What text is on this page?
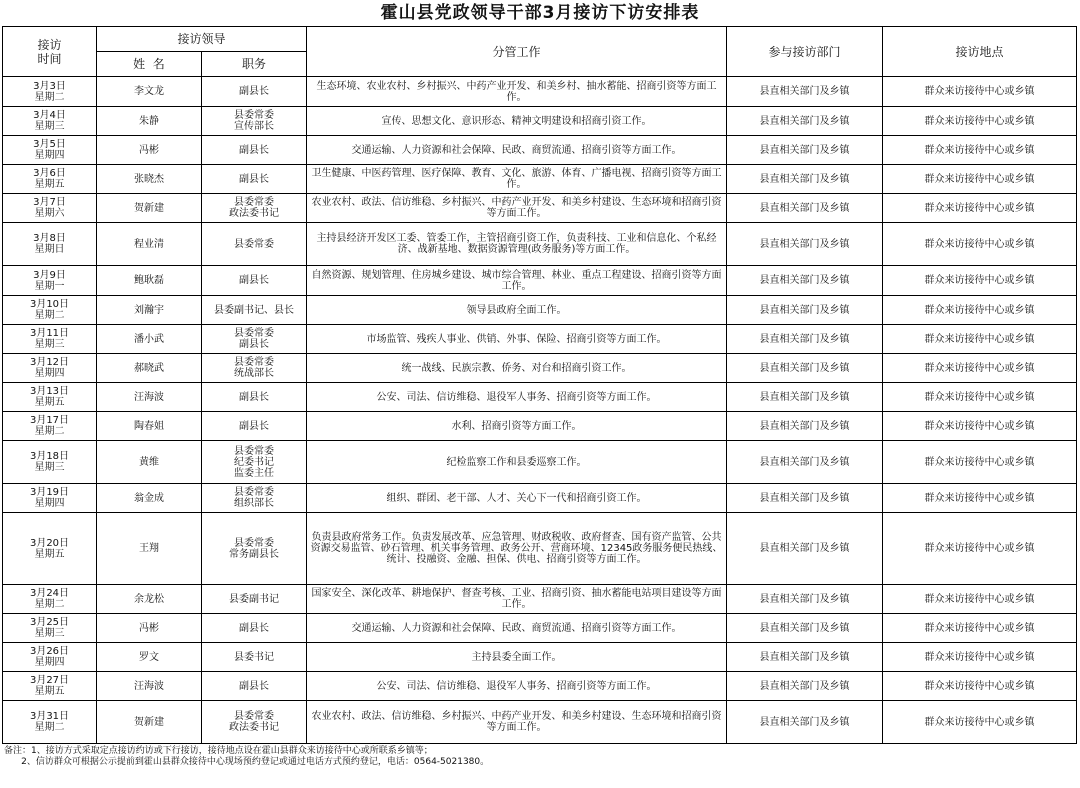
霍山县党政领导干部3月接访下访安排表
接访
时间	接访领导		分管工作	参与接访部门	接访地点
	姓  名	职务			
3月3日
星期二	李文龙	副县长	生态环境、农业农村、乡村振兴、中药产业开发、和美乡村、抽水蓄能、招商引资等方面工作。	县直相关部门及乡镇	群众来访接待中心或乡镇
3月4日
星期三	朱静	县委常委
宣传部长	宣传、思想文化、意识形态、精神文明建设和招商引资工作。	县直相关部门及乡镇	群众来访接待中心或乡镇
3月5日
星期四	冯彬	副县长	交通运输、人力资源和社会保障、民政、商贸流通、招商引资等方面工作。	县直相关部门及乡镇	群众来访接待中心或乡镇
3月6日
星期五	张晓杰	副县长	卫生健康、中医药管理、医疗保障、教育、文化、旅游、体育、广播电视、招商引资等方面工作。	县直相关部门及乡镇	群众来访接待中心或乡镇
3月7日
星期六	贺新建	县委常委
政法委书记	农业农村、政法、信访维稳、乡村振兴、中药产业开发、和美乡村建设、生态环境和招商引资等方面工作。	县直相关部门及乡镇	群众来访接待中心或乡镇
3月8日
星期日	程业清	县委常委	主持县经济开发区工委、管委工作，主管招商引资工作，负责科技、工业和信息化、个私经济、战新基地、数据资源管理(政务服务)等方面工作。	县直相关部门及乡镇	群众来访接待中心或乡镇
3月9日
星期一	鲍耿磊	副县长	自然资源、规划管理、住房城乡建设、城市综合管理、林业、重点工程建设、招商引资等方面工作。	县直相关部门及乡镇	群众来访接待中心或乡镇
3月10日
星期二	刘瀚宇	县委副书记、县长	领导县政府全面工作。	县直相关部门及乡镇	群众来访接待中心或乡镇
3月11日
星期三	潘小武	县委常委
副县长	市场监管、残疾人事业、供销、外事、保险、招商引资等方面工作。	县直相关部门及乡镇	群众来访接待中心或乡镇
3月12日
星期四	郝晓武	县委常委
统战部长	统一战线、民族宗教、侨务、对台和招商引资工作。	县直相关部门及乡镇	群众来访接待中心或乡镇
3月13日
星期五	汪海波	副县长	公安、司法、信访维稳、退役军人事务、招商引资等方面工作。	县直相关部门及乡镇	群众来访接待中心或乡镇
3月17日
星期二	陶春姐	副县长	水利、招商引资等方面工作。	县直相关部门及乡镇	群众来访接待中心或乡镇
3月18日
星期三	黄维	县委常委
纪委书记
监委主任	纪检监察工作和县委巡察工作。	县直相关部门及乡镇	群众来访接待中心或乡镇
3月19日
星期四	翁金成	县委常委
组织部长	组织、群团、老干部、人才、关心下一代和招商引资工作。	县直相关部门及乡镇	群众来访接待中心或乡镇
3月20日
星期五	王翔	县委常委
常务副县长	负责县政府常务工作。负责发展改革、应急管理、财政税收、政府督查、国有资产监管、公共资源交易监管、砂石管理、机关事务管理、政务公开、营商环境、12345政务服务便民热线、统计、投融资、金融、担保、供电、招商引资等方面工作。	县直相关部门及乡镇	群众来访接待中心或乡镇
3月24日
星期二	余龙松	县委副书记	国家安全、深化改革、耕地保护、督查考核、工业、招商引资、抽水蓄能电站项目建设等方面工作。	县直相关部门及乡镇	群众来访接待中心或乡镇
3月25日
星期三	冯彬	副县长	交通运输、人力资源和社会保障、民政、商贸流通、招商引资等方面工作。	县直相关部门及乡镇	群众来访接待中心或乡镇
3月26日
星期四	罗文	县委书记	主持县委全面工作。	县直相关部门及乡镇	群众来访接待中心或乡镇
3月27日
星期五	汪海波	副县长	公安、司法、信访维稳、退役军人事务、招商引资等方面工作。	县直相关部门及乡镇	群众来访接待中心或乡镇
3月31日
星期二	贺新建	县委常委
政法委书记	农业农村、政法、信访维稳、乡村振兴、中药产业开发、和美乡村建设、生态环境和招商引资等方面工作。	县直相关部门及乡镇	群众来访接待中心或乡镇
备注：1、接访方式采取定点接访约访或下行接访，接待地点设在霍山县群众来访接待中心或所联系乡镇等；
2、信访群众可根据公示提前到霍山县群众接待中心现场预约登记或通过电话方式预约登记，电话：0564-5021380。
